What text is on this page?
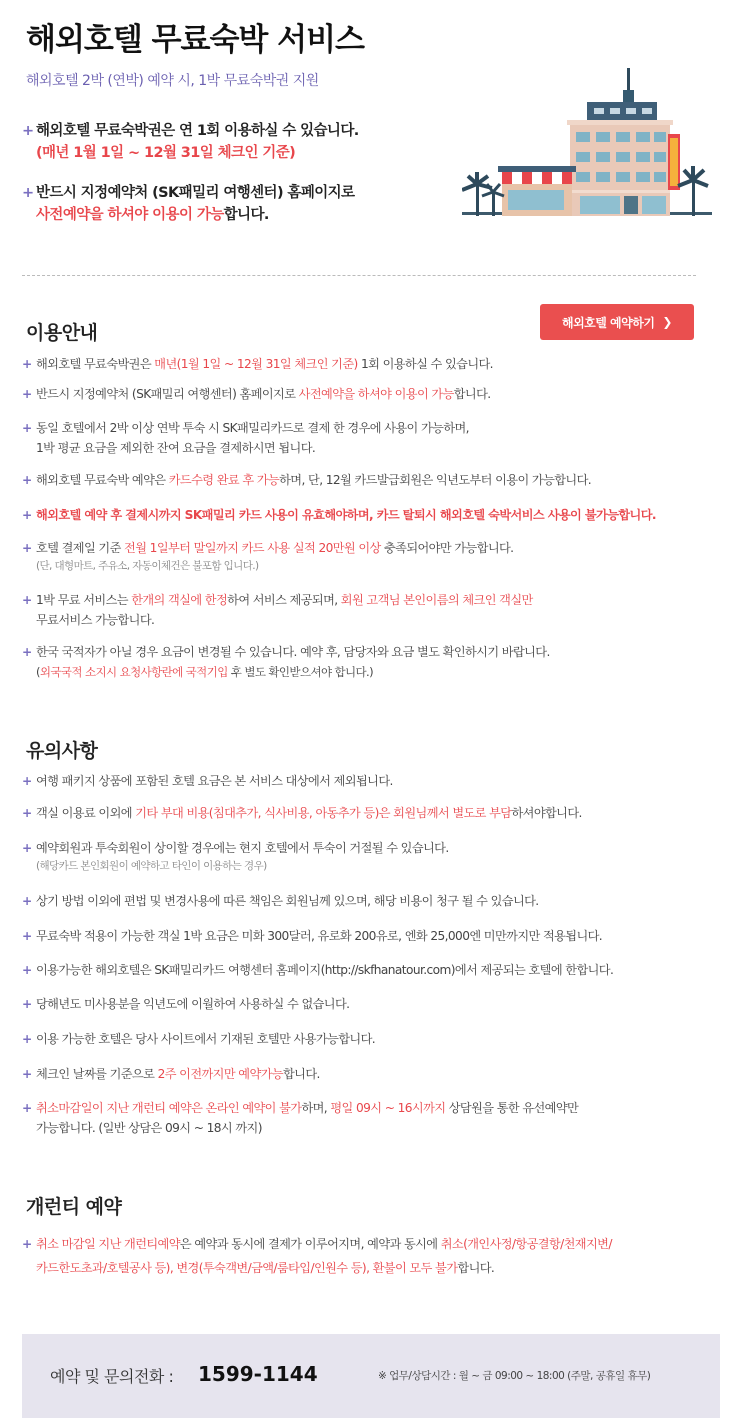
해외호텔 무료숙박 서비스
해외호텔 2박 (연박) 예약 시, 1박 무료숙박권 지원
+ 해외호텔 무료숙박권은 연 1회 이용하실 수 있습니다.
(매년 1월 1일 ~ 12월 31일 체크인 기준)
+ 반드시 지정예약처 (SK패밀리 여행센터) 홈페이지로
사전예약을 하셔야 이용이 가능합니다.
이용안내	해외호텔 예약하기 ❯
+ 해외호텔 무료숙박권은 매년(1월 1일 ~ 12월 31일 체크인 기준) 1회 이용하실 수 있습니다.
+ 반드시 지정예약처 (SK패밀리 여행센터) 홈페이지로 사전예약을 하셔야 이용이 가능합니다.
+ 동일 호텔에서 2박 이상 연박 투숙 시 SK패밀리카드로 결제 한 경우에 사용이 가능하며,
1박 평균 요금을 제외한 잔여 요금을 결제하시면 됩니다.
+ 해외호텔 무료숙박 예약은 카드수령 완료 후 가능하며, 단, 12월 카드발급회원은 익년도부터 이용이 가능합니다.
+ 해외호텔 예약 후 결제시까지 SK패밀리 카드 사용이 유효해야하며, 카드 탈퇴시 해외호텔 숙박서비스 사용이 불가능합니다.
+ 호텔 결제일 기준 전월 1일부터 말일까지 카드 사용 실적 20만원 이상 충족되어야만 가능합니다.
(단, 대형마트, 주유소, 자동이체건은 불포함 입니다.)
+ 1박 무료 서비스는 한개의 객실에 한정하여 서비스 제공되며, 회원 고객님 본인이름의 체크인 객실만
무료서비스 가능합니다.
+ 한국 국적자가 아닐 경우 요금이 변경될 수 있습니다. 예약 후, 담당자와 요금 별도 확인하시기 바랍니다.
(외국국적 소지시 요청사항란에 국적기입 후 별도 확인받으셔야 합니다.)
유의사항
+ 여행 패키지 상품에 포함된 호텔 요금은 본 서비스 대상에서 제외됩니다.
+ 객실 이용료 이외에 기타 부대 비용(침대추가, 식사비용, 아동추가 등)은 회원님께서 별도로 부담하셔야합니다.
+ 예약회원과 투숙회원이 상이할 경우에는 현지 호텔에서 투숙이 거절될 수 있습니다.
(해당카드 본인회원이 예약하고 타인이 이용하는 경우)
+ 상기 방법 이외에 편법 및 변경사용에 따른 책임은 회원님께 있으며, 해당 비용이 청구 될 수 있습니다.
+ 무료숙박 적용이 가능한 객실 1박 요금은 미화 300달러, 유로화 200유로, 엔화 25,000엔 미만까지만 적용됩니다.
+ 이용가능한 해외호텔은 SK패밀리카드 여행센터 홈페이지(http://skfhanatour.com)에서 제공되는 호텔에 한합니다.
+ 당해년도 미사용분을 익년도에 이월하여 사용하실 수 없습니다.
+ 이용 가능한 호텔은 당사 사이트에서 기재된 호텔만 사용가능합니다.
+ 체크인 날짜를 기준으로 2주 이전까지만 예약가능합니다.
+ 취소마감일이 지난 개런티 예약은 온라인 예약이 불가하며, 평일 09시 ~ 16시까지 상담원을 통한 유선예약만
가능합니다. (일반 상담은 09시 ~ 18시 까지)
개런티 예약
+ 취소 마감일 지난 개런티예약은 예약과 동시에 결제가 이루어지며, 예약과 동시에 취소(개인사정/항공결항/천재지변/
카드한도초과/호텔공사 등), 변경(투숙객변/금액/룸타입/인원수 등), 환불이 모두 불가합니다.
예약 및 문의전화 : 1599-1144	※ 업무/상담시간 : 월 ~ 금 09:00 ~ 18:00 (주말, 공휴일 휴무)
